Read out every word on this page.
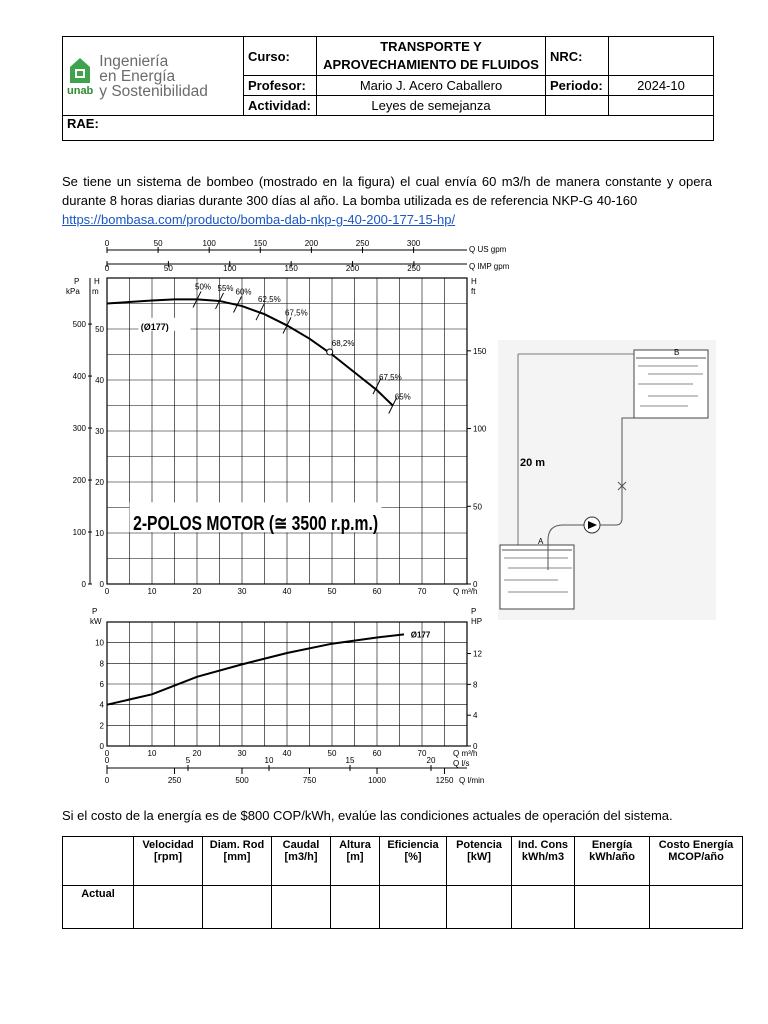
unab
Ingeniería
en Energía
y Sostenibilidad	Curso:	TRANSPORTE Y APROVECHAMIENTO DE FLUIDOS	NRC:	
	Profesor:	Mario J. Acero Caballero	Periodo:	2024-10
	Actividad:	Leyes de semejanza		
RAE:				
Se tiene un sistema de bombeo (mostrado en la figura) el cual envía 60 m3/h de manera constante y opera durante 8 horas diarias durante 300 días al año. La bomba utilizada es de referencia NKP-G 40-160
https://bombasa.com/producto/bomba-dab-nkp-g-40-200-177-15-hp/
0	50	100	150	200	250	300
Q US gpm
0	50	100	150	200	250	Q IMP gpm
P
kPa
H
m
0
100
200
300
400
500
0
10
20
30
40
50
H
ft
0
50
100
150
0	10	20	30	40	50	60	70	Q m³/h
(Ø177)
50% 55% 60%
62,5%
67,5%
68,2%
67,5%
65%
2-POLOS MOTOR (≅ 3500 r.p.m.)
P
kW
0
2
4
6
8
10
P
HP
0
4
8
12
Ø177
0	10	20	30	40	50	60	70	Q m³/h
0	5	10	15	20 Q l/s
0	250	500	750	1000	1250 Q l/min
B
20 m
A
Si el costo de la energía es de $800 COP/kWh, evalúe las condiciones actuales de operación del sistema.
	Velocidad [rpm]	Diam. Rod [mm]	Caudal [m3/h]	Altura [m]	Eficiencia [%]	Potencia [kW]	Ind. Cons kWh/m3	Energía kWh/año	Costo Energía MCOP/año
Actual									
